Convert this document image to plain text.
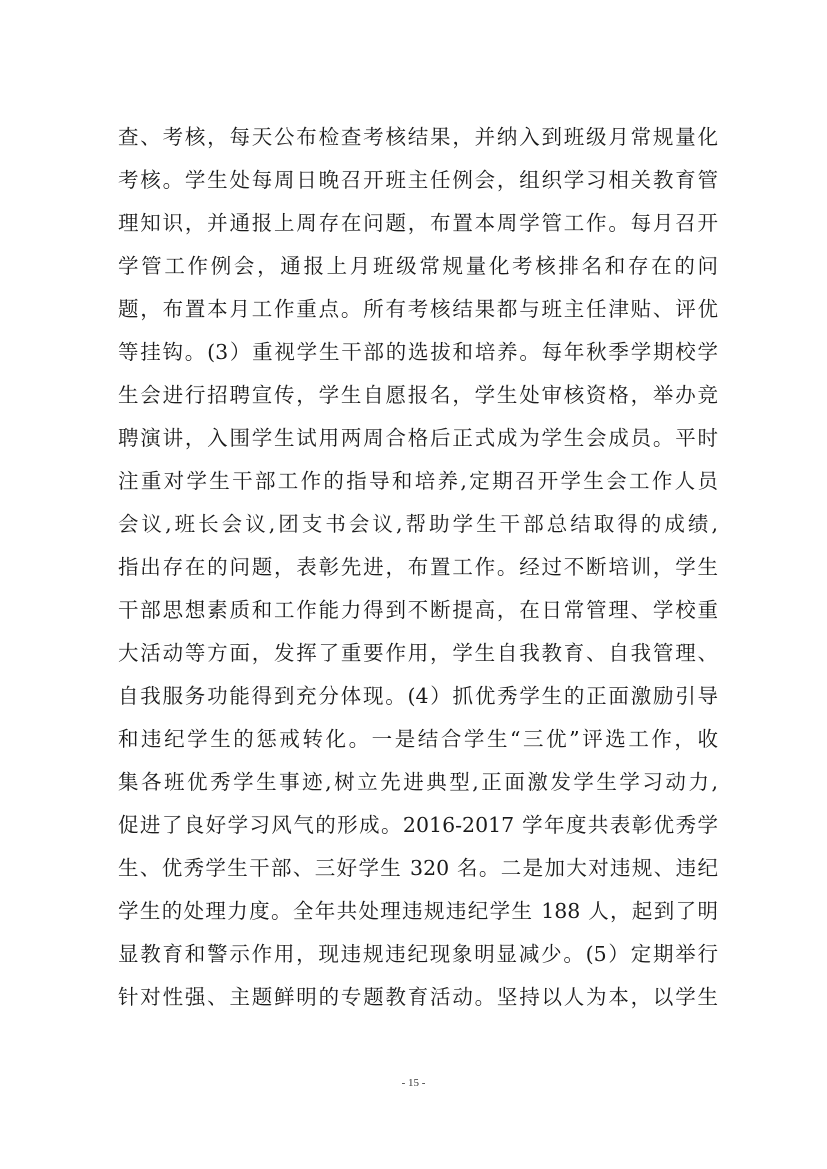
查、考核，每天公布检查考核结果，并纳入到班级月常规量化
考核。学生处每周日晚召开班主任例会，组织学习相关教育管
理知识，并通报上周存在问题，布置本周学管工作。每月召开
学管工作例会，通报上月班级常规量化考核排名和存在的问
题，布置本月工作重点。所有考核结果都与班主任津贴、评优
等挂钩。(3）重视学生干部的选拔和培养。每年秋季学期校学
生会进行招聘宣传，学生自愿报名，学生处审核资格，举办竞
聘演讲，入围学生试用两周合格后正式成为学生会成员。平时
注重对学生干部工作的指导和培养,定期召开学生会工作人员
会议,班长会议,团支书会议,帮助学生干部总结取得的成绩,
指出存在的问题，表彰先进，布置工作。经过不断培训，学生
干部思想素质和工作能力得到不断提高，在日常管理、学校重
大活动等方面，发挥了重要作用，学生自我教育、自我管理、
自我服务功能得到充分体现。(4）抓优秀学生的正面激励引导
和违纪学生的惩戒转化。一是结合学生“三优”评选工作，收
集各班优秀学生事迹,树立先进典型,正面激发学生学习动力,
促进了良好学习风气的形成。2016-2017 学年度共表彰优秀学
生、优秀学生干部、三好学生 320 名。二是加大对违规、违纪
学生的处理力度。全年共处理违规违纪学生 188 人，起到了明
显教育和警示作用，现违规违纪现象明显减少。(5）定期举行
针对性强、主题鲜明的专题教育活动。坚持以人为本，以学生
- 15 -
